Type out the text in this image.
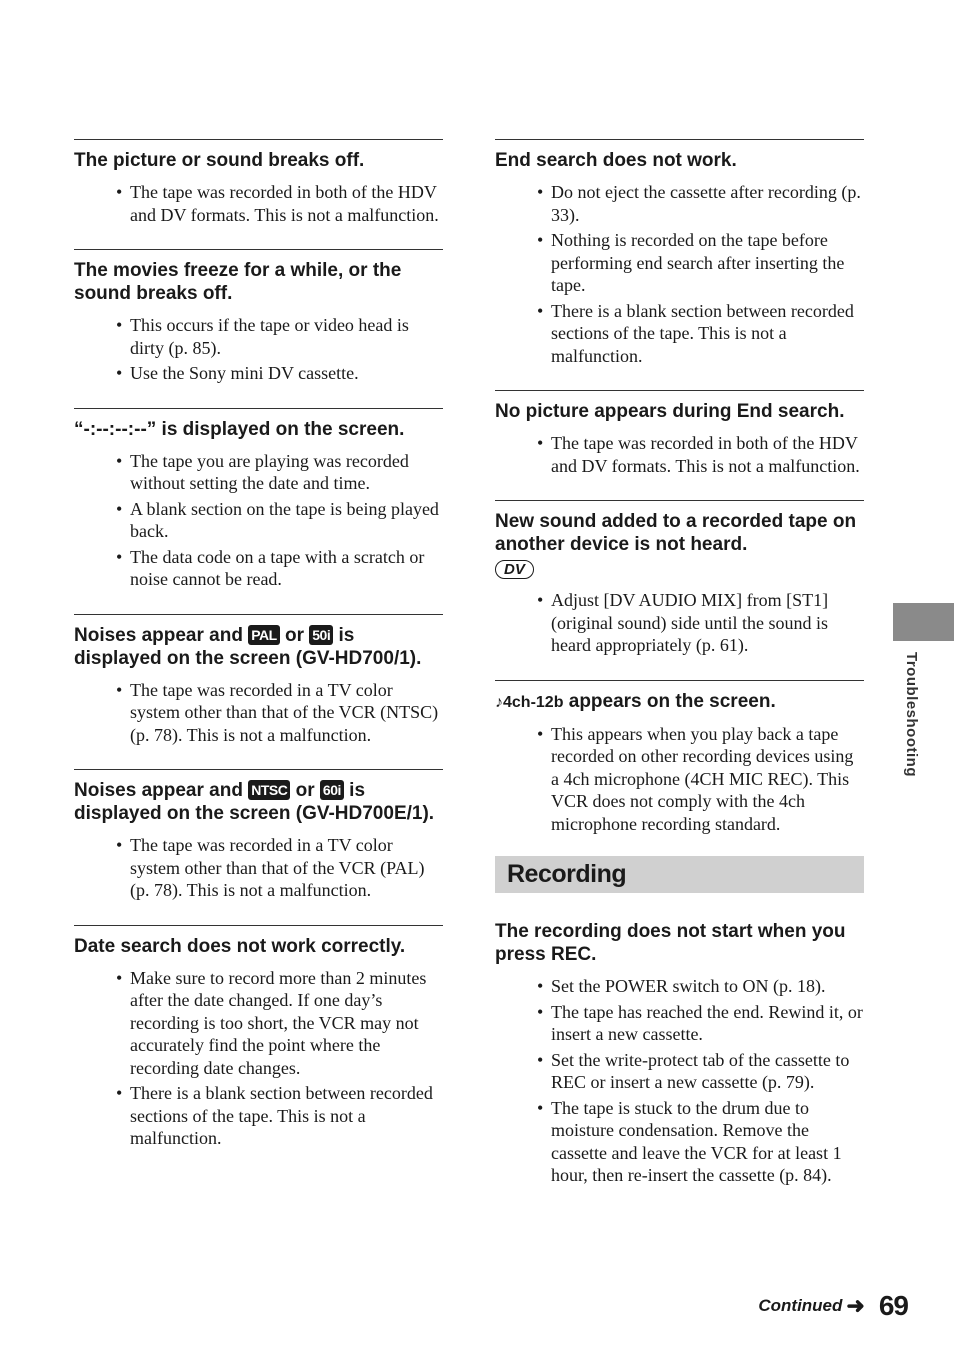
The picture or sound breaks off.
• The tape was recorded in both of the HDV and DV formats. This is not a malfunction.
The movies freeze for a while, or the sound breaks off.
• This occurs if the tape or video head is dirty (p. 85).
• Use the Sony mini DV cassette.
“-:--:--:--” is displayed on the screen.
• The tape you are playing was recorded without setting the date and time.
• A blank section on the tape is being played back.
• The data code on a tape with a scratch or noise cannot be read.
Noises appear and PAL or 50i is displayed on the screen (GV-HD700/1).
• The tape was recorded in a TV color system other than that of the VCR (NTSC) (p. 78). This is not a malfunction.
Noises appear and NTSC or 60i is displayed on the screen (GV-HD700E/1).
• The tape was recorded in a TV color system other than that of the VCR (PAL) (p. 78). This is not a malfunction.
Date search does not work correctly.
• Make sure to record more than 2 minutes after the date changed. If one day’s recording is too short, the VCR may not accurately find the point where the recording date changes.
• There is a blank section between recorded sections of the tape. This is not a malfunction.
End search does not work.
• Do not eject the cassette after recording (p. 33).
• Nothing is recorded on the tape before performing end search after inserting the tape.
• There is a blank section between recorded sections of the tape. This is not a malfunction.
No picture appears during End search.
• The tape was recorded in both of the HDV and DV formats. This is not a malfunction.
New sound added to a recorded tape on another device is not heard.
DV
• Adjust [DV AUDIO MIX] from [ST1] (original sound) side until the sound is heard appropriately (p. 61).
♪4ch-12b appears on the screen.
• This appears when you play back a tape recorded on other recording devices using a 4ch microphone (4CH MIC REC). This VCR does not comply with the 4ch microphone recording standard.
Recording
The recording does not start when you press REC.
• Set the POWER switch to ON (p. 18).
• The tape has reached the end. Rewind it, or insert a new cassette.
• Set the write-protect tab of the cassette to REC or insert a new cassette (p. 79).
• The tape is stuck to the drum due to moisture condensation. Remove the cassette and leave the VCR for at least 1 hour, then re-insert the cassette (p. 84).
Troubleshooting
Continued ➜ 69
